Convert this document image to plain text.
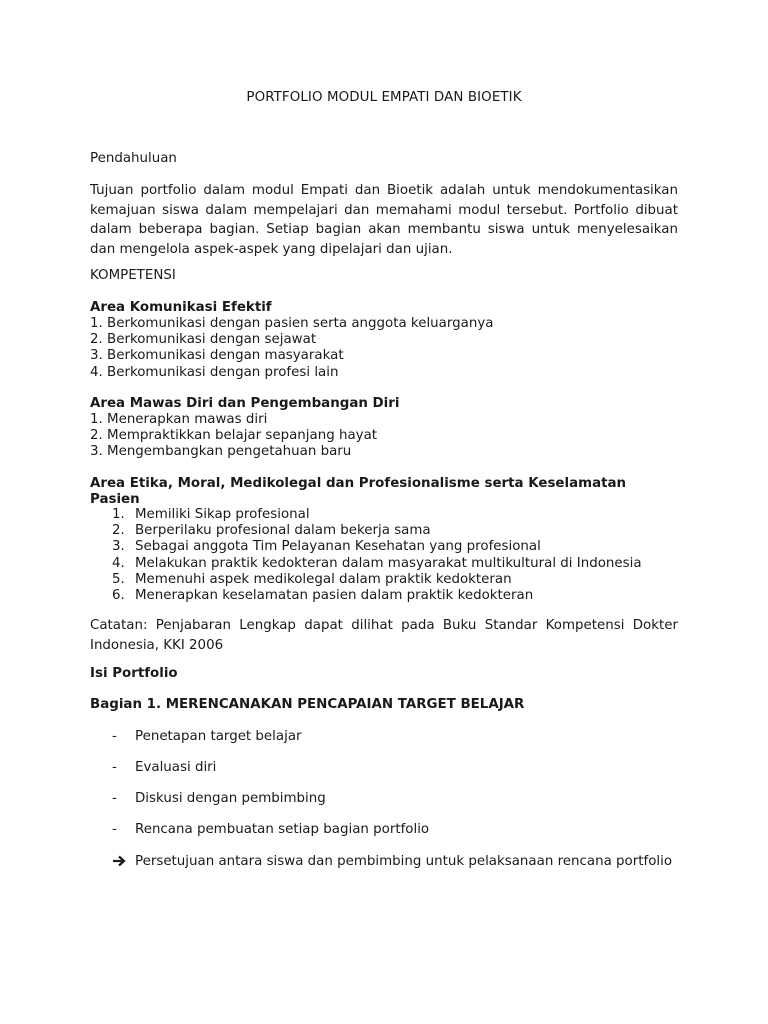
PORTFOLIO MODUL EMPATI DAN BIOETIK
Pendahuluan
Tujuan portfolio dalam modul Empati dan Bioetik adalah untuk mendokumentasikan kemajuan siswa dalam mempelajari dan memahami modul tersebut. Portfolio dibuat dalam beberapa bagian. Setiap bagian akan membantu siswa untuk menyelesaikan dan mengelola aspek-aspek yang dipelajari dan ujian.
KOMPETENSI
Area Komunikasi Efektif
1. Berkomunikasi dengan pasien serta anggota keluarganya
2. Berkomunikasi dengan sejawat
3. Berkomunikasi dengan masyarakat
4. Berkomunikasi dengan profesi lain
Area Mawas Diri dan Pengembangan Diri
1. Menerapkan mawas diri
2. Mempraktikkan belajar sepanjang hayat
3. Mengembangkan pengetahuan baru
Area Etika, Moral, Medikolegal dan Profesionalisme serta Keselamatan
Pasien
1. Memiliki Sikap profesional
2. Berperilaku profesional dalam bekerja sama
3. Sebagai anggota Tim Pelayanan Kesehatan yang profesional
4. Melakukan praktik kedokteran dalam masyarakat multikultural di Indonesia
5. Memenuhi aspek medikolegal dalam praktik kedokteran
6. Menerapkan keselamatan pasien dalam praktik kedokteran
Catatan: Penjabaran Lengkap dapat dilihat pada Buku Standar Kompetensi Dokter Indonesia, KKI 2006
Isi Portfolio
Bagian 1. MERENCANAKAN PENCAPAIAN TARGET BELAJAR
- Penetapan target belajar
- Evaluasi diri
- Diskusi dengan pembimbing
- Rencana pembuatan setiap bagian portfolio
Persetujuan antara siswa dan pembimbing untuk pelaksanaan rencana portfolio
